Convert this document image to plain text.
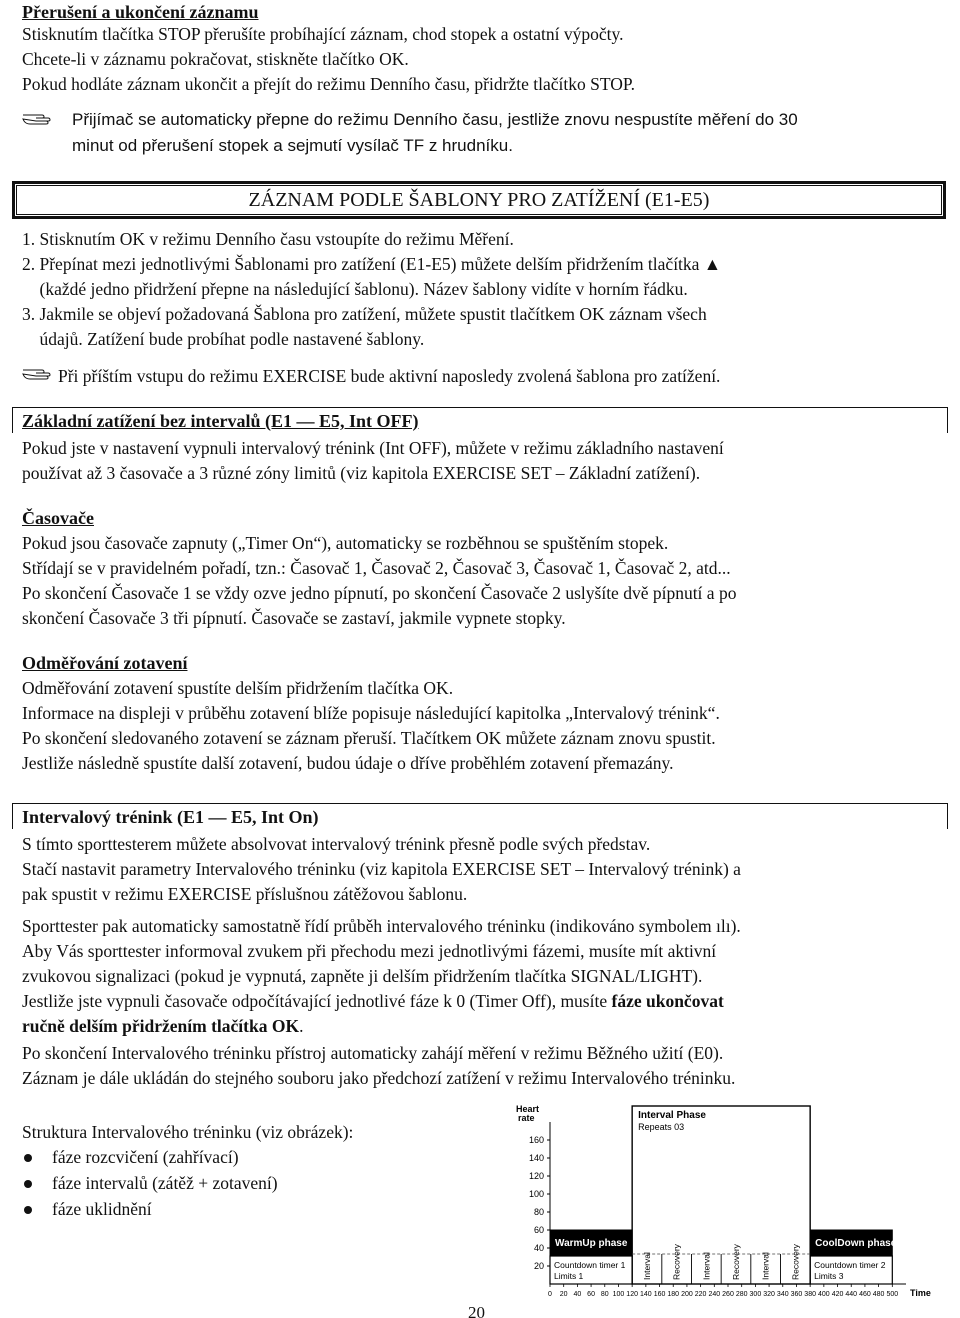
Přerušení a ukončení záznamu
Stisknutím tlačítka STOP přerušíte probíhající záznam, chod stopek a ostatní výpočty.
Chcete-li v záznamu pokračovat, stiskněte tlačítko OK.
Pokud hodláte záznam ukončit a přejít do režimu Denního času, přidržte tlačítko STOP.
Přijímač se automaticky přepne do režimu Denního času, jestliže znovu nespustíte měření do 30
minut od přerušení stopek a sejmutí vysílač TF z hrudníku.
ZÁZNAM PODLE ŠABLONY PRO ZATÍŽENÍ (E1-E5)
1. Stisknutím OK v režimu Denního času vstoupíte do režimu Měření.
2. Přepínat mezi jednotlivými Šablonami pro zatížení (E1-E5) můžete delším přidržením tlačítka ▲
(každé jedno přidržení přepne na následující šablonu). Název šablony vidíte v horním řádku.
3. Jakmile se objeví požadovaná Šablona pro zatížení, můžete spustit tlačítkem OK záznam všech
údajů. Zatížení bude probíhat podle nastavené šablony.
Při příštím vstupu do režimu EXERCISE bude aktivní naposledy zvolená šablona pro zatížení.
Základní zatížení bez intervalů (E1 — E5, Int OFF)
Pokud jste v nastavení vypnuli intervalový trénink (Int OFF), můžete v režimu základního nastavení
používat až 3 časovače a 3 různé zóny limitů (viz kapitola EXERCISE SET – Základní zatížení).
Časovače
Pokud jsou časovače zapnuty („Timer On“), automaticky se rozběhnou se spuštěním stopek.
Střídají se v pravidelném pořadí, tzn.: Časovač 1, Časovač 2, Časovač 3, Časovač 1, Časovač 2, atd...
Po skončení Časovače 1 se vždy ozve jedno pípnutí, po skončení Časovače 2 uslyšíte dvě pípnutí a po
skončení Časovače 3 tři pípnutí. Časovače se zastaví, jakmile vypnete stopky.
Odměřování zotavení
Odměřování zotavení spustíte delším přidržením tlačítka OK.
Informace na displeji v průběhu zotavení blíže popisuje následující kapitolka „Intervalový trénink“.
Po skončení sledovaného zotavení se záznam přeruší. Tlačítkem OK můžete záznam znovu spustit.
Jestliže následně spustíte další zotavení, budou údaje o dříve proběhlém zotavení přemazány.
Intervalový trénink (E1 — E5, Int On)
S tímto sporttesterem můžete absolvovat intervalový trénink přesně podle svých představ.
Stačí nastavit parametry Intervalového tréninku (viz kapitola EXERCISE SET – Intervalový trénink) a
pak spustit v režimu EXERCISE příslušnou zátěžovou šablonu.
Sporttester pak automaticky samostatně řídí průběh intervalového tréninku (indikováno symbolem ılı).
Aby Vás sporttester informoval zvukem při přechodu mezi jednotlivými fázemi, musíte mít aktivní
zvukovou signalizaci (pokud je vypnutá, zapněte ji delším přidržením tlačítka SIGNAL/LIGHT).
Jestliže jste vypnuli časovače odpočítávající jednotlivé fáze k 0 (Timer Off), musíte fáze ukončovat
ručně delším přidržením tlačítka OK.
Po skončení Intervalového tréninku přístroj automaticky zahájí měření v režimu Běžného užití (E0).
Záznam je dále ukládán do stejného souboru jako předchozí zatížení v režimu Intervalového tréninku.
Struktura Intervalového tréninku (viz obrázek):
fáze rozcvičení (zahřívací)
fáze intervalů (zátěž + zotavení)
fáze uklidnění
Heart
rate
160
140
120
100
80
60
40
20
0 20 40 60 80 100 120 140 160 180 200 220 240 260 280 300 320 340 360 380 400 420 440 460 480 500 Time
WarmUp phase
Countdown timer 1
Limits 1
Interval Phase
Repeats 03
CoolDown phase
Countdown timer 2
Limits 3
Interval Recovery Interval Recovery Interval Recovery
20
